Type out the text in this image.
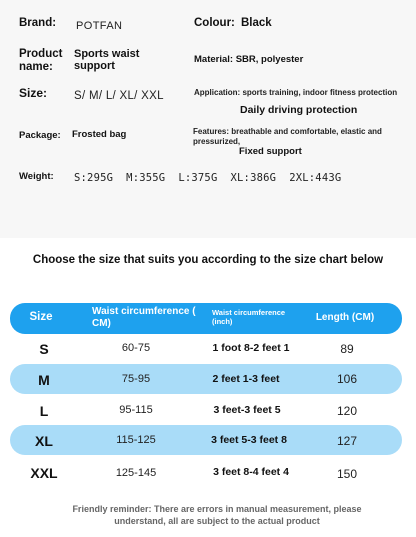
Brand: POTFAN	Colour: Black
Product
name:
Sports waist
support
Material: SBR, polyester
Size: S/ M/ L/ XL/ XXL	Application: sports training, indoor fitness protection
Daily driving protection
Package: Frosted bag	Features: breathable and comfortable, elastic and
pressurized,
Fixed support
Weight: S:295G  M:355G  L:375G  XL:386G  2XL:443G
Choose the size that suits you according to the size chart below
Size	Waist circumference (
CM)
Waist circumference
(inch)	Length (CM)
S	60-75	1 foot 8-2 feet 1	89
M	75-95	2 feet 1-3 feet	106
L	95-115	3 feet-3 feet 5	120
XL	115-125	3 feet 5-3 feet 8	127
XXL	125-145	3 feet 8-4 feet 4	150
Friendly reminder: There are errors in manual measurement, please
understand, all are subject to the actual product
